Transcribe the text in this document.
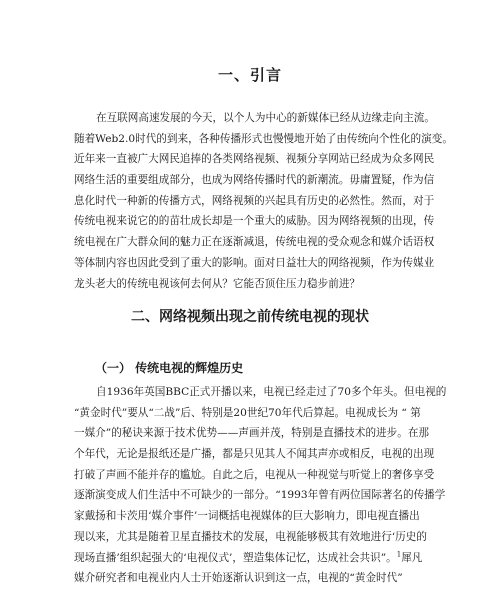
一、引言
在互联网高速发展的今天，以个人为中心的新媒体已经从边缘走向主流。
随着Web2.0时代的到来，各种传播形式也慢慢地开始了由传统向个性化的演变。
近年来一直被广大网民追捧的各类网络视频、视频分享网站已经成为众多网民
网络生活的重要组成部分，也成为网络传播时代的新潮流。毋庸置疑，作为信
息化时代一种新的传播方式，网络视频的兴起具有历史的必然性。然而，对于
传统电视来说它的的苗壮成长却是一个重大的威胁。因为网络视频的出现，传
统电视在广大群众间的魅力正在逐渐减退，传统电视的受众观念和媒介话语权
等体制内容也因此受到了重大的影响。面对日益壮大的网络视频，作为传媒业
龙头老大的传统电视该何去何从？它能否顶住压力稳步前进？
二、网络视频出现之前传统电视的现状
（一） 传统电视的辉煌历史
自1936年英国BBC正式开播以来，电视已经走过了70多个年头。但电视的
“黄金时代”要从“二战”后、特别是20世纪70年代后算起。电视成长为 “ 第
一媒介”的秘诀来源于技术优势——声画并茂，特别是直播技术的进步。在那
个年代，无论是报纸还是广播，都是只见其人不闻其声亦或相反，电视的出现
打破了声画不能并存的尴尬。自此之后，电视从一种视觉与听觉上的奢侈享受
逐渐演变成人们生活中不可缺少的一部分。“1993年曾有两位国际著名的传播学
家戴扬和卡茨用‘媒介事件’一词概括电视媒体的巨大影响力，即电视直播出
现以来，尤其是随着卫星直播技术的发展，电视能够极其有效地进行‘历史的
现场直播’组织起强大的‘电视仪式’，塑造集体记忆，达成社会共识”。$^1$犀凡
媒介研究者和电视业内人士开始逐渐认识到这一点，电视的“黄金时代”
